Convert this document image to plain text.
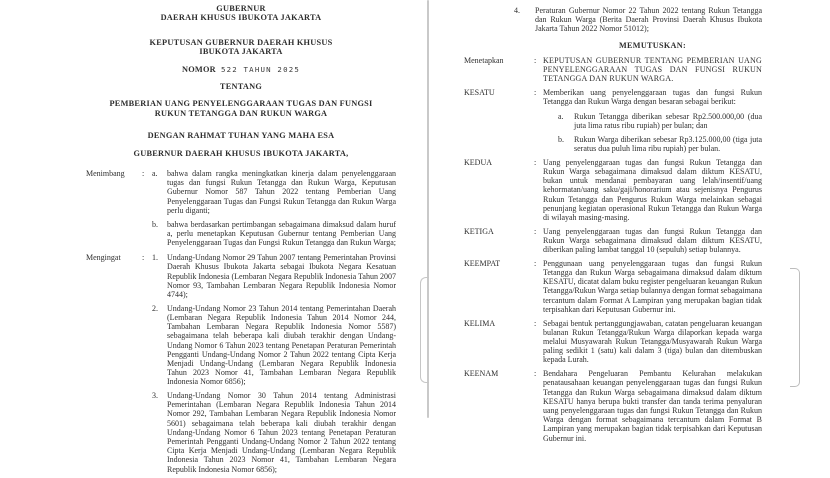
GUBERNUR
DAERAH KHUSUS IBUKOTA JAKARTA
KEPUTUSAN GUBERNUR DAERAH KHUSUS
IBUKOTA JAKARTA
NOMOR 522 TAHUN 2025
TENTANG
PEMBERIAN UANG PENYELENGGARAAN TUGAS DAN FUNGSI
RUKUN TETANGGA DAN RUKUN WARGA
DENGAN RAHMAT TUHAN YANG MAHA ESA
GUBERNUR DAERAH KHUSUS IBUKOTA JAKARTA,
Menimbang	: a.	bahwa dalam rangka meningkatkan kinerja dalam penyelenggaraan tugas dan fungsi Rukun Tetangga dan Rukun Warga, Keputusan Gubernur Nomor 587 Tahun 2022 tentang Pemberian Uang Penyelenggaraan Tugas dan Fungsi Rukun Tetangga dan Rukun Warga perlu diganti;
b.	bahwa berdasarkan pertimbangan sebagaimana dimaksud dalam huruf a, perlu menetapkan Keputusan Gubernur tentang Pemberian Uang Penyelenggaraan Tugas dan Fungsi Rukun Tetangga dan Rukun Warga;
Mengingat	: 1.	Undang-Undang Nomor 29 Tahun 2007 tentang Pemerintahan Provinsi Daerah Khusus Ibukota Jakarta sebagai Ibukota Negara Kesatuan Republik Indonesia (Lembaran Negara Republik Indonesia Tahun 2007 Nomor 93, Tambahan Lembaran Negara Republik Indonesia Nomor 4744);
2.	Undang-Undang Nomor 23 Tahun 2014 tentang Pemerintahan Daerah (Lembaran Negara Republik Indonesia Tahun 2014 Nomor 244, Tambahan Lembaran Negara Republik Indonesia Nomor 5587) sebagaimana telah beberapa kali diubah terakhir dengan Undang-Undang Nomor 6 Tahun 2023 tentang Penetapan Peraturan Pemerintah Pengganti Undang-Undang Nomor 2 Tahun 2022 tentang Cipta Kerja Menjadi Undang-Undang (Lembaran Negara Republik Indonesia Tahun 2023 Nomor 41, Tambahan Lembaran Negara Republik Indonesia Nomor 6856);
3.	Undang-Undang Nomor 30 Tahun 2014 tentang Administrasi Pemerintahan (Lembaran Negara Republik Indonesia Tahun 2014 Nomor 292, Tambahan Lembaran Negara Republik Indonesia Nomor 5601) sebagaimana telah beberapa kali diubah terakhir dengan Undang-Undang Nomor 6 Tahun 2023 tentang Penetapan Peraturan Pemerintah Pengganti Undang-Undang Nomor 2 Tahun 2022 tentang Cipta Kerja Menjadi Undang-Undang (Lembaran Negara Republik Indonesia Tahun 2023 Nomor 41, Tambahan Lembaran Negara Republik Indonesia Nomor 6856);
4.	Peraturan Gubernur Nomor 22 Tahun 2022 tentang Rukun Tetangga dan Rukun Warga (Berita Daerah Provinsi Daerah Khusus Ibukota Jakarta Tahun 2022 Nomor 51012);
MEMUTUSKAN:
Menetapkan	: KEPUTUSAN GUBERNUR TENTANG PEMBERIAN UANG PENYELENGGARAAN TUGAS DAN FUNGSI RUKUN TETANGGA DAN RUKUN WARGA.
KESATU	: Memberikan uang penyelenggaraan tugas dan fungsi Rukun Tetangga dan Rukun Warga dengan besaran sebagai berikut:
a.	Rukun Tetangga diberikan sebesar Rp2.500.000,00 (dua juta lima ratus ribu rupiah) per bulan; dan
b.	Rukun Warga diberikan sebesar Rp3.125.000,00 (tiga juta seratus dua puluh lima ribu rupiah) per bulan.
KEDUA	: Uang penyelenggaraan tugas dan fungsi Rukun Tetangga dan Rukun Warga sebagaimana dimaksud dalam diktum KESATU, bukan untuk mendanai pembayaran uang lelah/insentif/uang kehormatan/uang saku/gaji/honorarium atau sejenisnya Pengurus Rukun Tetangga dan Pengurus Rukun Warga melainkan sebagai penunjang kegiatan operasional Rukun Tetangga dan Rukun Warga di wilayah masing-masing.
KETIGA	: Uang penyelenggaraan tugas dan fungsi Rukun Tetangga dan Rukun Warga sebagaimana dimaksud dalam diktum KESATU, diberikan paling lambat tanggal 10 (sepuluh) setiap bulannya.
KEEMPAT	: Penggunaan uang penyelenggaraan tugas dan fungsi Rukun Tetangga dan Rukun Warga sebagaimana dimaksud dalam diktum KESATU, dicatat dalam buku register pengeluaran keuangan Rukun Tetangga/Rukun Warga setiap bulannya dengan format sebagaimana tercantum dalam Format A Lampiran yang merupakan bagian tidak terpisahkan dari Keputusan Gubernur ini.
KELIMA	: Sebagai bentuk pertanggungjawaban, catatan pengeluaran keuangan bulanan Rukun Tetangga/Rukun Warga dilaporkan kepada warga melalui Musyawarah Rukun Tetangga/Musyawarah Rukun Warga paling sedikit 1 (satu) kali dalam 3 (tiga) bulan dan ditembuskan kepada Lurah.
KEENAM	: Bendahara Pengeluaran Pembantu Kelurahan melakukan penatausahaan keuangan penyelenggaraan tugas dan fungsi Rukun Tetangga dan Rukun Warga sebagaimana dimaksud dalam diktum KESATU hanya berupa bukti transfer dan tanda terima penyaluran uang penyelenggaraan tugas dan fungsi Rukun Tetangga dan Rukun Warga dengan format sebagaimana tercantum dalam Format B Lampiran yang merupakan bagian tidak terpisahkan dari Keputusan Gubernur ini.
